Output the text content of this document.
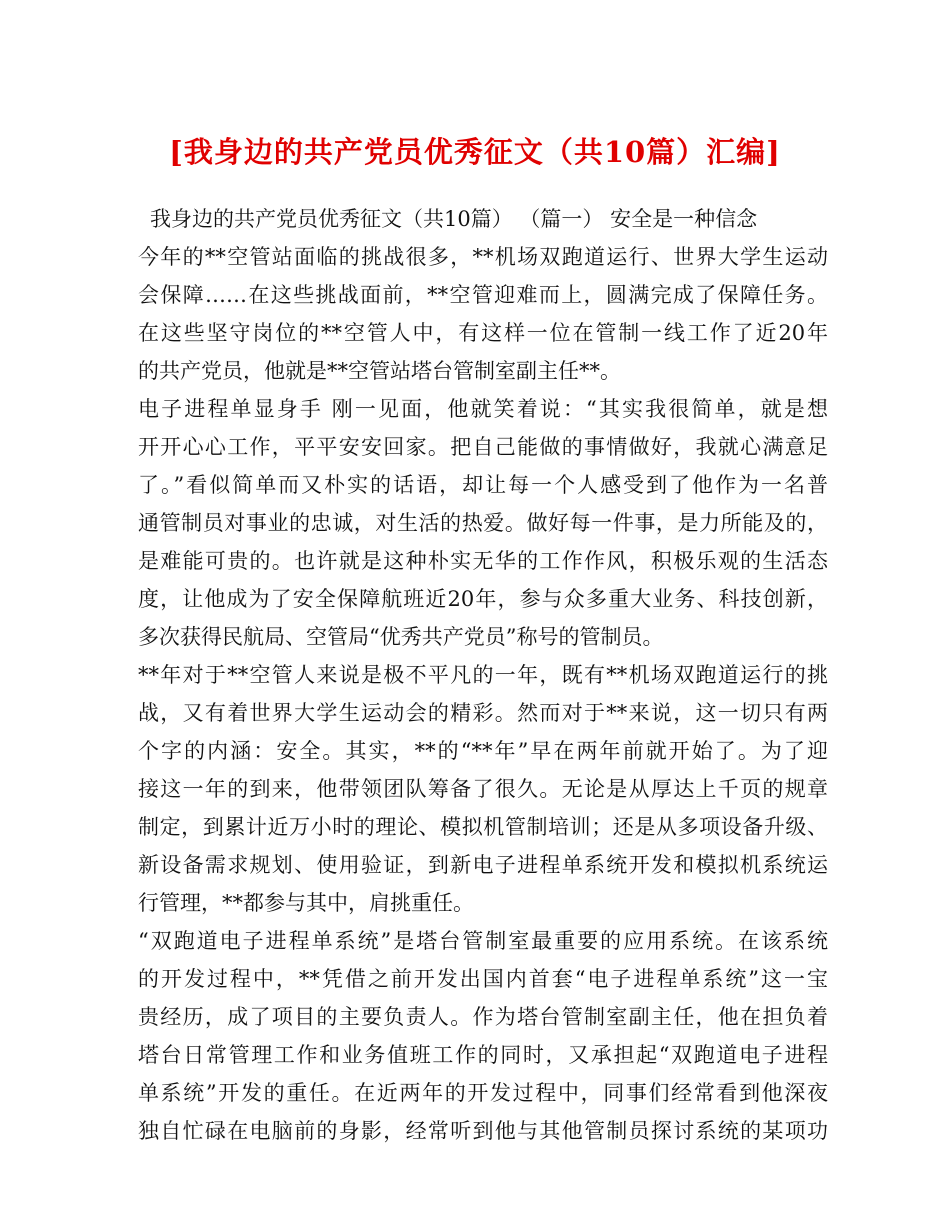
[我身边的共产党员优秀征文（共10篇）汇编]
我身边的共产党员优秀征文（共10篇） （篇一） 安全是一种信念
今年的**空管站面临的挑战很多，**机场双跑道运行、世界大学生运动
会保障……在这些挑战面前，**空管迎难而上，圆满完成了保障任务。
在这些坚守岗位的**空管人中，有这样一位在管制一线工作了近20年
的共产党员，他就是**空管站塔台管制室副主任**。
电子进程单显身手 刚一见面，他就笑着说：“其实我很简单，就是想
开开心心工作，平平安安回家。把自己能做的事情做好，我就心满意足
了。”看似简单而又朴实的话语，却让每一个人感受到了他作为一名普
通管制员对事业的忠诚，对生活的热爱。做好每一件事，是力所能及的，
是难能可贵的。也许就是这种朴实无华的工作作风，积极乐观的生活态
度，让他成为了安全保障航班近20年，参与众多重大业务、科技创新，
多次获得民航局、空管局“优秀共产党员”称号的管制员。
**年对于**空管人来说是极不平凡的一年，既有**机场双跑道运行的挑
战，又有着世界大学生运动会的精彩。然而对于**来说，这一切只有两
个字的内涵：安全。其实，**的“**年”早在两年前就开始了。为了迎
接这一年的到来，他带领团队筹备了很久。无论是从厚达上千页的规章
制定，到累计近万小时的理论、模拟机管制培训；还是从多项设备升级、
新设备需求规划、使用验证，到新电子进程单系统开发和模拟机系统运
行管理，**都参与其中，肩挑重任。
“双跑道电子进程单系统”是塔台管制室最重要的应用系统。在该系统
的开发过程中，**凭借之前开发出国内首套“电子进程单系统”这一宝
贵经历，成了项目的主要负责人。作为塔台管制室副主任，他在担负着
塔台日常管理工作和业务值班工作的同时，又承担起“双跑道电子进程
单系统”开发的重任。在近两年的开发过程中，同事们经常看到他深夜
独自忙碌在电脑前的身影，经常听到他与其他管制员探讨系统的某项功
